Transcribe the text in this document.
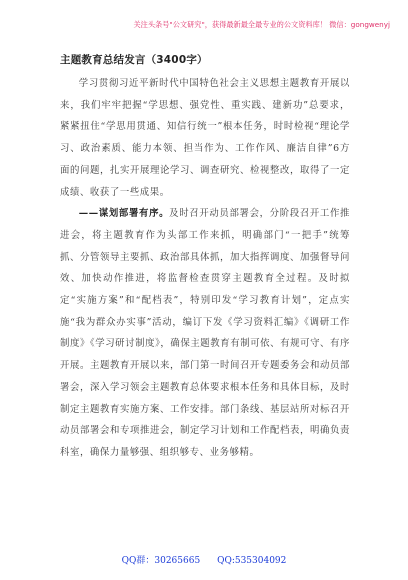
关注头条号"公文研究"，获得最新最全最专业的公文资料库！ 微信：gongwenyj
主题教育总结发言（3400字）

学习贯彻习近平新时代中国特色社会主义思想主题教育开展以来，我们牢牢把握“学思想、强党性、重实践、建新功”总要求，紧紧扭住“学思用贯通、知信行统一”根本任务，时时检视“理论学习、政治素质、能力本领、担当作为、工作作风、廉洁自律”6方面的问题，扎实开展理论学习、调查研究、检视整改，取得了一定成绩、收获了一些成果。

——谋划部署有序。及时召开动员部署会，分阶段召开工作推进会，将主题教育作为头部工作来抓，明确部门“一把手”统筹抓、分管领导主要抓、政治部具体抓，加大指挥调度、加强督导问效、加快动作推进，将监督检查贯穿主题教育全过程。及时拟定“实施方案”和“配档表”，特别印发“学习教育计划”，定点实施“我为群众办实事”活动，编订下发《学习资料汇编》《调研工作制度》《学习研讨制度》，确保主题教育有制可依、有规可守、有序开展。主题教育开展以来，部门第一时间召开专题委务会和动员部署会，深入学习领会主题教育总体要求根本任务和具体目标，及时制定主题教育实施方案、工作安排。部门条线、基层站所对标召开动员部署会和专项推进会，制定学习计划和工作配档表，明确负责科室，确保力量够强、组织够专、业务够精。

QQ群：30265665 QQ:535304092
